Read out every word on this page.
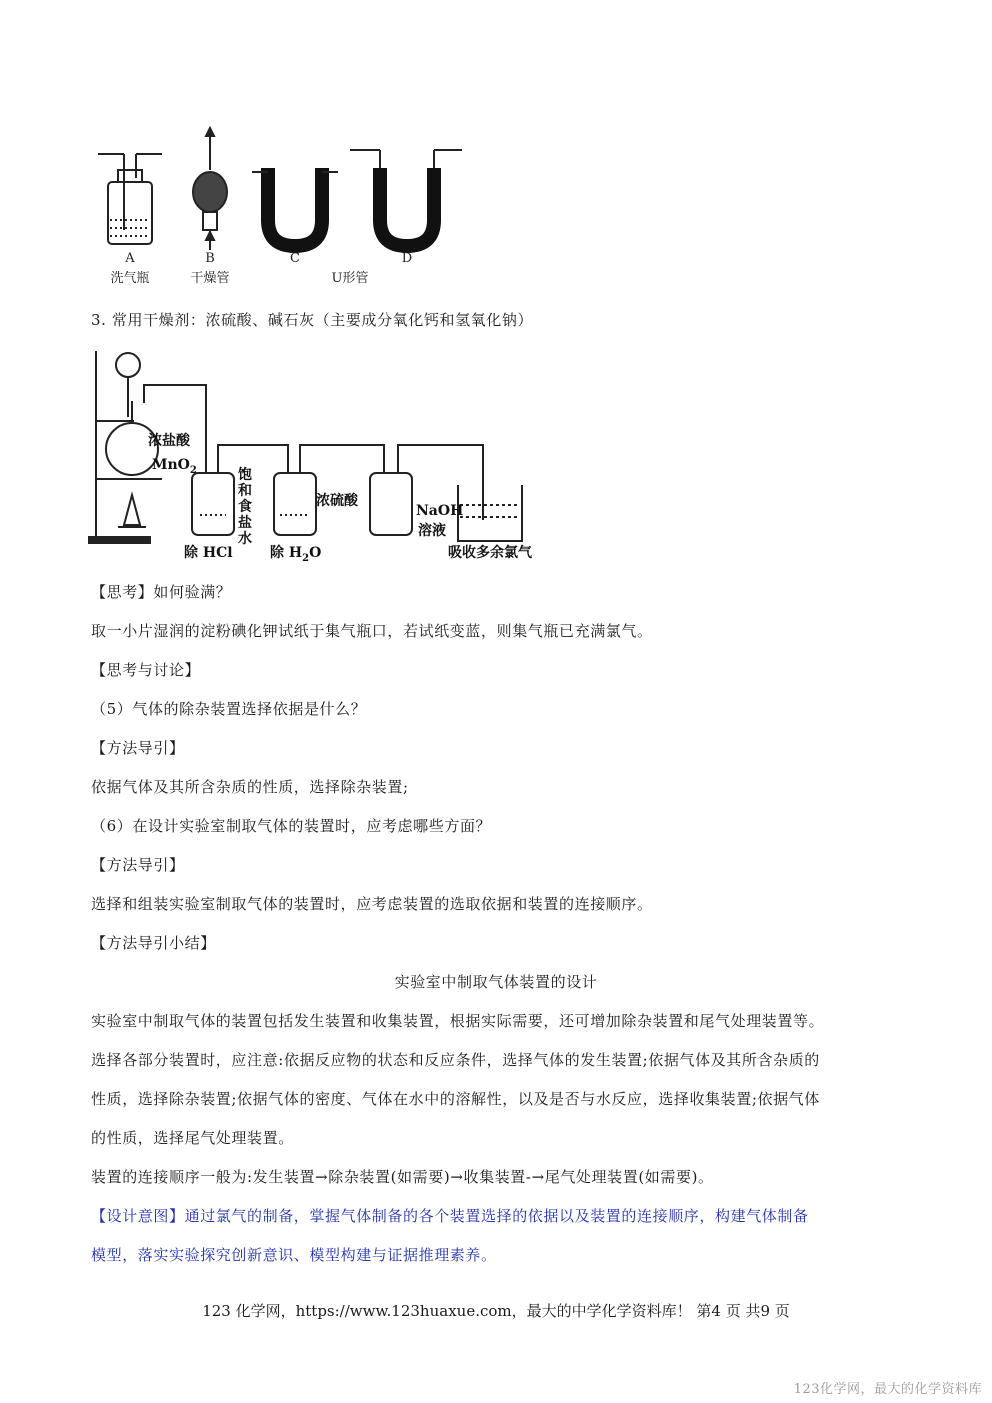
A	B	C	D
洗气瓶	干燥管	U形管
3. 常用干燥剂：浓硫酸、碱石灰（主要成分氧化钙和氢氧化钠）
浓盐酸
MnO$_2$	饱
和
食
盐
水
浓硫酸
NaOH
溶液
除 HCl	除 $H_2O$	吸收多余氯气
【思考】如何验满？
取一小片湿润的淀粉碘化钾试纸于集气瓶口，若试纸变蓝，则集气瓶已充满氯气。
【思考与讨论】
（5）气体的除杂装置选择依据是什么？
【方法导引】
依据气体及其所含杂质的性质，选择除杂装置;
（6）在设计实验室制取气体的装置时，应考虑哪些方面？
【方法导引】
选择和组装实验室制取气体的装置时，应考虑装置的选取依据和装置的连接顺序。
【方法导引小结】
实验室中制取气体装置的设计
实验室中制取气体的装置包括发生装置和收集装置，根据实际需要，还可增加除杂装置和尾气处理装置等。
选择各部分装置时，应注意:依据反应物的状态和反应条件，选择气体的发生装置;依据气体及其所含杂质的
性质，选择除杂装置;依据气体的密度、气体在水中的溶解性，以及是否与水反应，选择收集装置;依据气体
的性质，选择尾气处理装置。
装置的连接顺序一般为:发生装置→除杂装置(如需要)→收集装置-→尾气处理装置(如需要)。
【设计意图】通过氯气的制备，掌握气体制备的各个装置选择的依据以及装置的连接顺序，构建气体制备
模型，落实实验探究创新意识、模型构建与证据推理素养。
123 化学网，https://www.123huaxue.com，最大的中学化学资料库！ 第4 页 共9 页
123化学网，最大的化学资料库
